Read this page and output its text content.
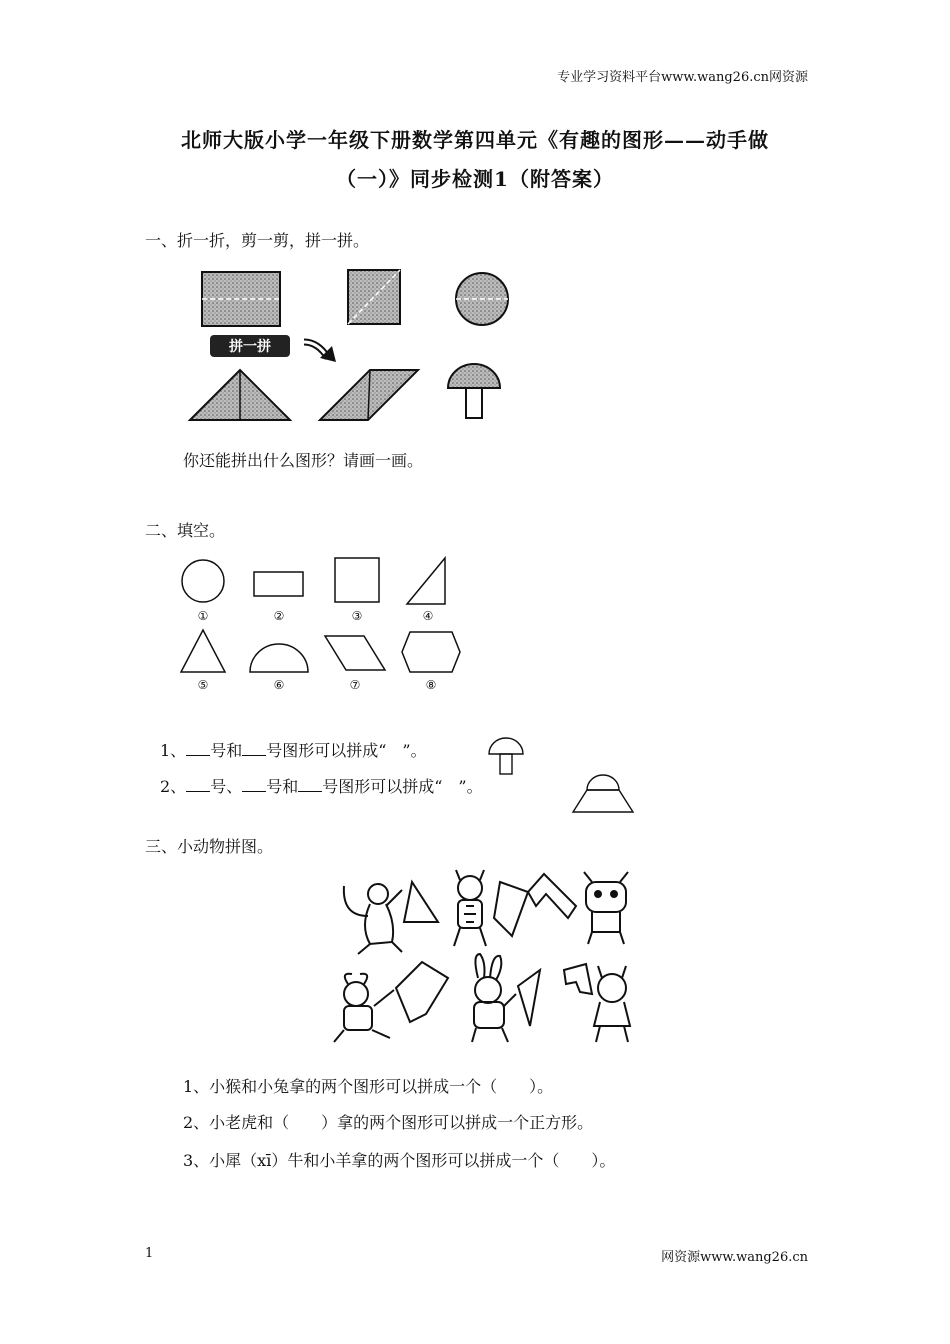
专业学习资料平台www.wang26.cn网资源
北师大版小学一年级下册数学第四单元《有趣的图形——动手做
（一）》同步检测1（附答案）
一、折一折，剪一剪，拼一拼。
拼一拼
你还能拼出什么图形？请画一画。
二、填空。
①	②	③	④
⑤	⑥	⑦	⑧
1、 号和 号图形可以拼成“　”。
2、 号、 号和 号图形可以拼成“　”。
三、小动物拼图。
1、小猴和小兔拿的两个图形可以拼成一个（　　）。
2、小老虎和（　　）拿的两个图形可以拼成一个正方形。
3、小犀（xī）牛和小羊拿的两个图形可以拼成一个（　　）。
1	网资源www.wang26.cn
